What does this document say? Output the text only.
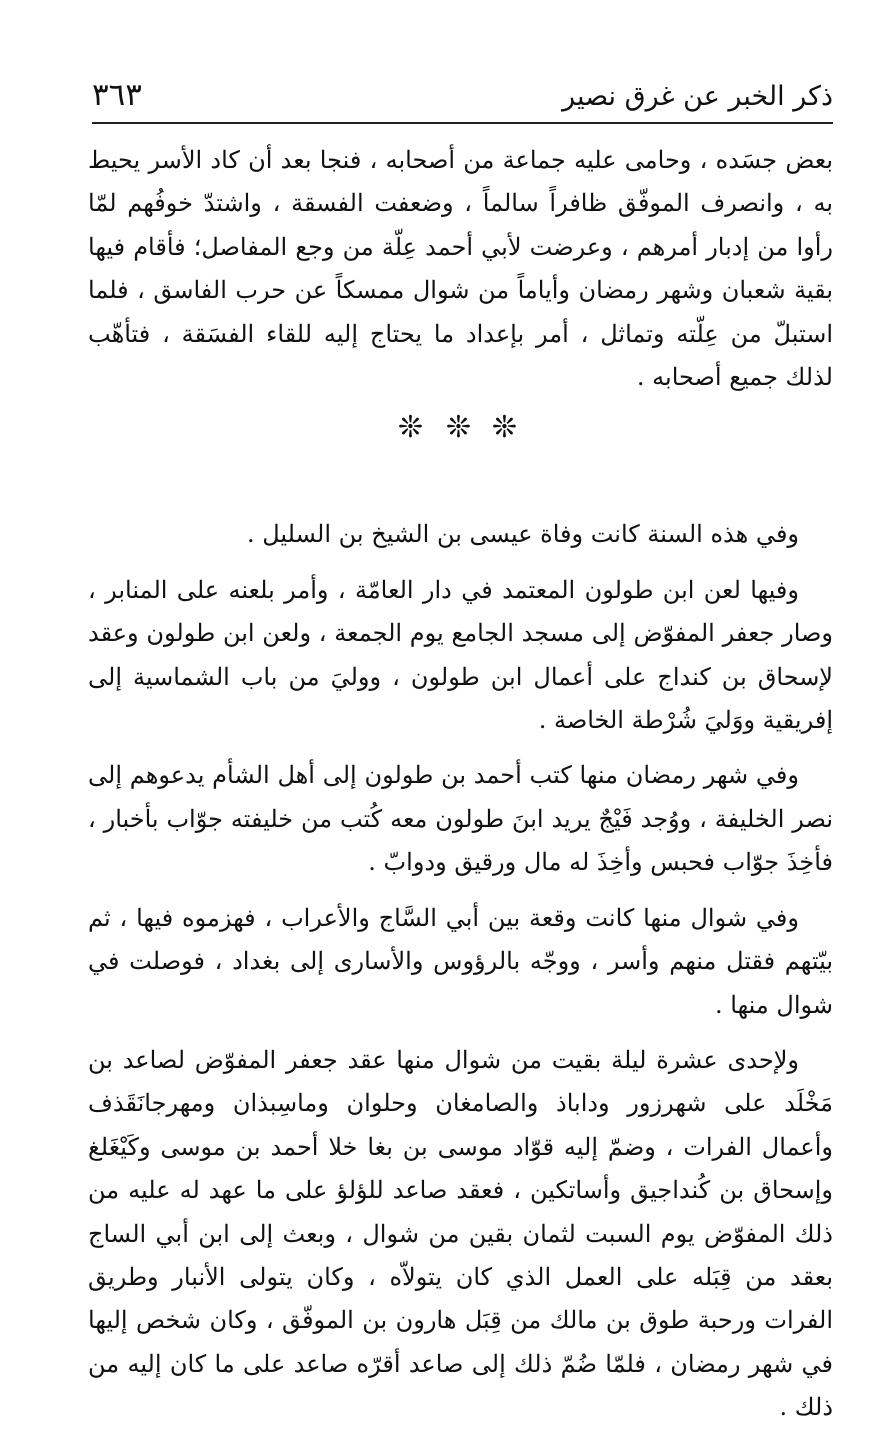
ذكر الخبر عن غرق نصير
٣٦٣

بعض جسَده ، وحامى عليه جماعة من أصحابه ، فنجا بعد أن كاد الأسر يحيط به ، وانصرف الموفّق ظافراً سالماً ، وضعفت الفسقة ، واشتدّ خوفُهم لمّا رأوا من إدبار أمرهم ، وعرضت لأبي أحمد عِلّة من وجع المفاصل؛ فأقام فيها بقية شعبان وشهر رمضان وأياماً من شوال ممسكاً عن حرب الفاسق ، فلما استبلّ من عِلّته وتماثل ، أمر بإعداد ما يحتاج إليه للقاء الفسَقة ، فتأهّب لذلك جميع أصحابه .

❊
❊
❊

وفي هذه السنة كانت وفاة عيسى بن الشيخ بن السليل .

وفيها لعن ابن طولون المعتمد في دار العامّة ، وأمر بلعنه على المنابر ، وصار جعفر المفوّض إلى مسجد الجامع يوم الجمعة ، ولعن ابن طولون وعقد لإسحاق بن كنداج على أعمال ابن طولون ، ووليَ من باب الشماسية إلى إفريقية ووَليَ شُرْطة الخاصة .

وفي شهر رمضان منها كتب أحمد بن طولون إلى أهل الشأم يدعوهم إلى نصر الخليفة ، ووُجد فَيْجٌ يريد ابنَ طولون معه كُتب من خليفته جوّاب بأخبار ، فأخِذَ جوّاب فحبس وأخِذَ له مال ورقيق ودوابّ .

وفي شوال منها كانت وقعة بين أبي السَّاج والأعراب ، فهزموه فيها ، ثم بيّتهم فقتل منهم وأسر ، ووجّه بالرؤوس والأسارى إلى بغداد ، فوصلت في شوال منها .

ولإحدى عشرة ليلة بقيت من شوال منها عقد جعفر المفوّض لصاعد بن مَخْلَد على شهرزور وداباذ والصامغان وحلوان وماسِبذان ومهرجانَقَذف وأعمال الفرات ، وضمّ إليه قوّاد موسى بن بغا خلا أحمد بن موسى وكَيْغَلغ وإسحاق بن كُنداجيق وأساتكين ، فعقد صاعد للؤلؤ على ما عهد له عليه من ذلك المفوّض يوم السبت لثمان بقين من شوال ، وبعث إلى ابن أبي الساج بعقد من قِبَله على العمل الذي كان يتولاّه ، وكان يتولى الأنبار وطريق الفرات ورحبة طوق بن مالك من قِبَل هارون بن الموفّق ، وكان شخص إليها في شهر رمضان ، فلمّا ضُمّ ذلك إلى صاعد أقرّه صاعد على ما كان إليه من ذلك .
